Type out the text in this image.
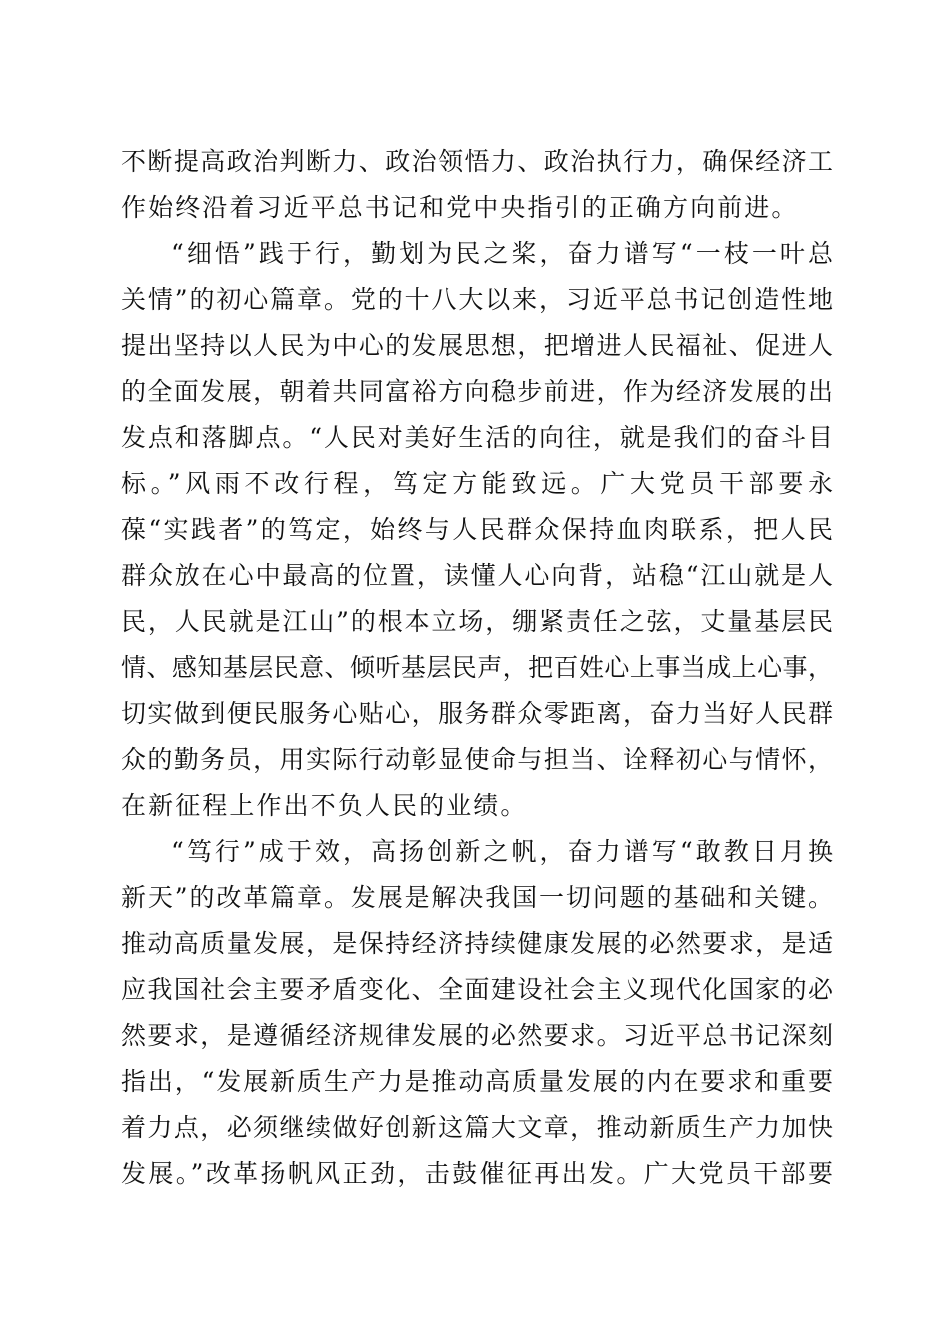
不断提高政治判断力、政治领悟力、政治执行力，确保经济工
作始终沿着习近平总书记和党中央指引的正确方向前进。
“细悟”践于行，勤划为民之桨，奋力谱写“一枝一叶总
关情”的初心篇章。党的十八大以来，习近平总书记创造性地
提出坚持以人民为中心的发展思想，把增进人民福祉、促进人
的全面发展，朝着共同富裕方向稳步前进，作为经济发展的出
发点和落脚点。“人民对美好生活的向往，就是我们的奋斗目
标。”风雨不改行程，笃定方能致远。广大党员干部要永
葆“实践者”的笃定，始终与人民群众保持血肉联系，把人民
群众放在心中最高的位置，读懂人心向背，站稳“江山就是人
民，人民就是江山”的根本立场，绷紧责任之弦，丈量基层民
情、感知基层民意、倾听基层民声，把百姓心上事当成上心事，
切实做到便民服务心贴心，服务群众零距离，奋力当好人民群
众的勤务员，用实际行动彰显使命与担当、诠释初心与情怀，
在新征程上作出不负人民的业绩。
“笃行”成于效，高扬创新之帆，奋力谱写“敢教日月换
新天”的改革篇章。发展是解决我国一切问题的基础和关键。
推动高质量发展，是保持经济持续健康发展的必然要求，是适
应我国社会主要矛盾变化、全面建设社会主义现代化国家的必
然要求，是遵循经济规律发展的必然要求。习近平总书记深刻
指出，“发展新质生产力是推动高质量发展的内在要求和重要
着力点，必须继续做好创新这篇大文章，推动新质生产力加快
发展。”改革扬帆风正劲，击鼓催征再出发。广大党员干部要
